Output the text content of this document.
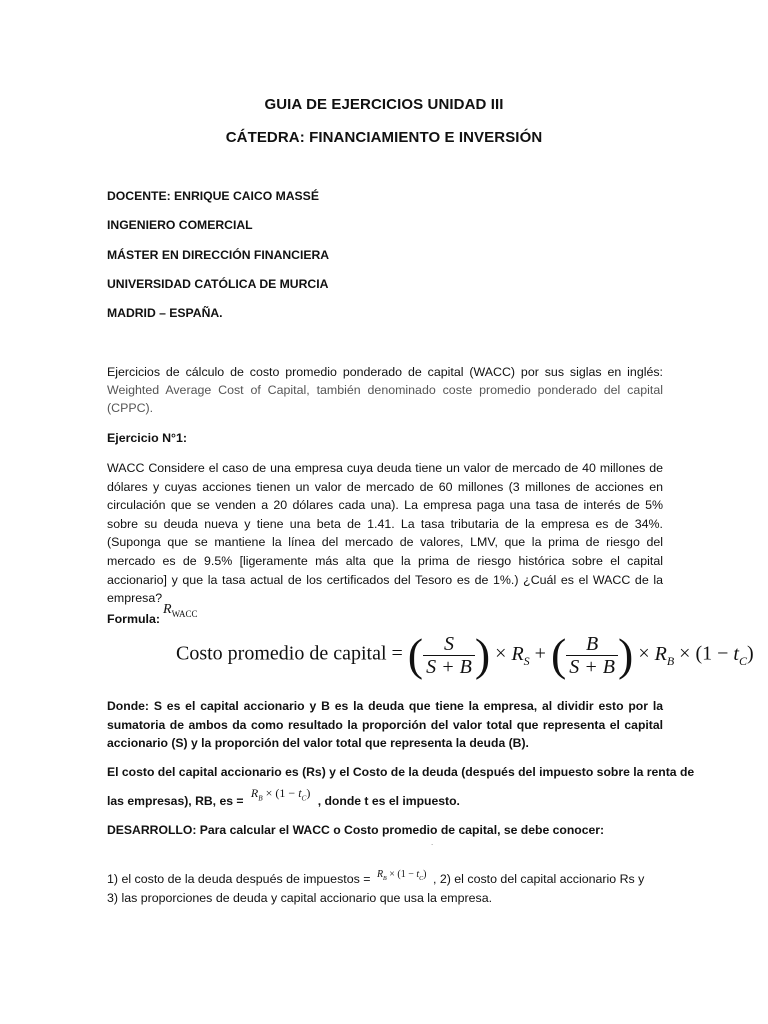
GUIA DE EJERCICIOS UNIDAD III
CÁTEDRA: FINANCIAMIENTO E INVERSIÓN
DOCENTE: ENRIQUE CAICO MASSÉ
INGENIERO COMERCIAL
MÁSTER EN DIRECCIÓN FINANCIERA
UNIVERSIDAD CATÓLICA DE MURCIA
MADRID – ESPAÑA.
Ejercicios de cálculo de costo promedio ponderado de capital (WACC) por sus siglas en inglés: Weighted Average Cost of Capital, también denominado coste promedio ponderado del capital (CPPC).
Ejercicio N°1:
WACC Considere el caso de una empresa cuya deuda tiene un valor de mercado de 40 millones de dólares y cuyas acciones tienen un valor de mercado de 60 millones (3 millones de acciones en circulación que se venden a 20 dólares cada una). La empresa paga una tasa de interés de 5% sobre su deuda nueva y tiene una beta de 1.41. La tasa tributaria de la empresa es de 34%. (Suponga que se mantiene la línea del mercado de valores, LMV, que la prima de riesgo del mercado es de 9.5% [ligeramente más alta que la prima de riesgo histórica sobre el capital accionario] y que la tasa actual de los certificados del Tesoro es de 1%.) ¿Cuál es el WACC de la empresa?
Formula:
$R_{WACC}$
Costo promedio de capital = ( $\frac{S}{S + B}$ ) × $R_S$ + ( $\frac{B}{S + B}$ ) × $R_B \times (1 - t_C)$
Donde: S es el capital accionario y B es la deuda que tiene la empresa, al dividir esto por la sumatoria de ambos da como resultado la proporción del valor total que representa el capital accionario (S) y la proporción del valor total que representa la deuda (B).
El costo del capital accionario es (Rs) y el Costo de la deuda (después del impuesto sobre la renta de
las empresas), RB, es = $R_B \times (1 - t_C)$ , donde t es el impuesto.
DESARROLLO: Para calcular el WACC o Costo promedio de capital, se debe conocer:
.
1) el costo de la deuda después de impuestos = $^{R_B \times (1 - t_C)}$ , 2) el costo del capital accionario Rs y
3) las proporciones de deuda y capital accionario que usa la empresa.
